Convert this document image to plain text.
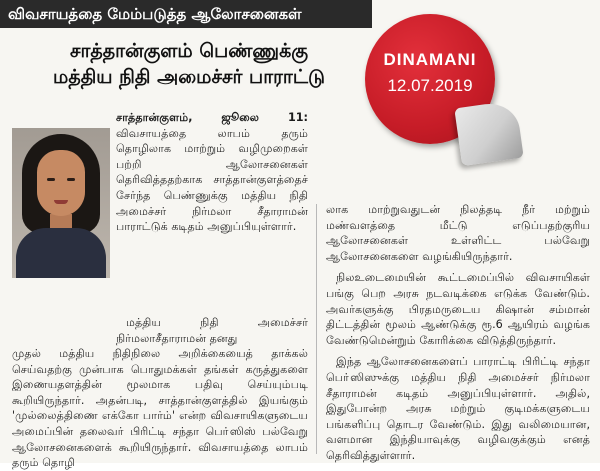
விவசாயத்தை மேம்படுத்த ஆலோசனைகள்
சாத்தான்குளம் பெண்ணுக்கு
மத்திய நிதி அமைச்சர் பாராட்டு
DINAMANI
12.07.2019
சாத்தான்குளம், ஜூலை 11: விவசாயத்தை லாபம் தரும் தொழிலாக மாற்றும் வழிமுறைகள் பற்றி ஆலோசனைகள் தெரிவித்ததற்காக சாத்தான்குளத்தைச் சேர்ந்த பெண்ணுக்கு மத்திய நிதி அமைச்சர் நிர்மலா சீதாராமன் பாராட்டுக் கடிதம் அனுப்பியுள்ளார்.
மத்திய நிதி அமைச்சர் நிர்மலாசீதாராமன் தனது
முதல் மத்திய நிதிநிலை அறிக்கையைத் தாக்கல் செய்வதற்கு முன்பாக பொதுமக்கள் தங்கள் கருத்துகளை இணையதளத்தின் மூலமாக பதிவு செய்யும்படி கூறியிருந்தார். அதன்படி, சாத்தான்குளத்தில் இயங்கும் 'முல்லைத்திணை எக்கோ பார்ம்' என்ற விவசாயிகளுடைய அமைப்பின் தலைவர் பிரிட்டி சந்தா பொ்ஸிஸ் பல்வேறு ஆலோசனைகளைக் கூறியிருந்தார். விவசாயத்தை லாபம் தரும் தொழி

லாக மாற்றுவதுடன் நிலத்தடி நீர் மற்றும் மண்வளத்தை மீட்டு எடுப்பதற்குரிய ஆலோசனைகள் உள்ளிட்ட பல்வேறு ஆலோசனைகளை வழங்கியிருந்தார்.

நிலஉடைமையின் கூட்டமைப்பில் விவசாயிகள் பங்கு பெற அரசு நடவடிக்கை எடுக்க வேண்டும். அவர்களுக்கு பிரதமருடைய கிஷான் சம்மான் திட்டத்தின் மூலம் ஆண்டுக்கு ரூ.6 ஆயிரம் வழங்க வேண்டுமென்றும் கோரிக்கை விடுத்திருந்தார்.

இந்த ஆலோசனைகளைப் பாராட்டி பிரிட்டி சந்தா பொ்ஸிஸுக்கு மத்திய நிதி அமைச்சர் நிர்மலா சீதாராமன் கடிதம் அனுப்பியுள்ளார். அதில், இதுபோன்ற அரசு மற்றும் குடிமக்களுடைய பங்களிப்பு தொடர வேண்டும். இது வலிமையான, வளமான இந்தியாவுக்கு வழிவகுக்கும் எனத் தெரிவித்துள்ளார்.
